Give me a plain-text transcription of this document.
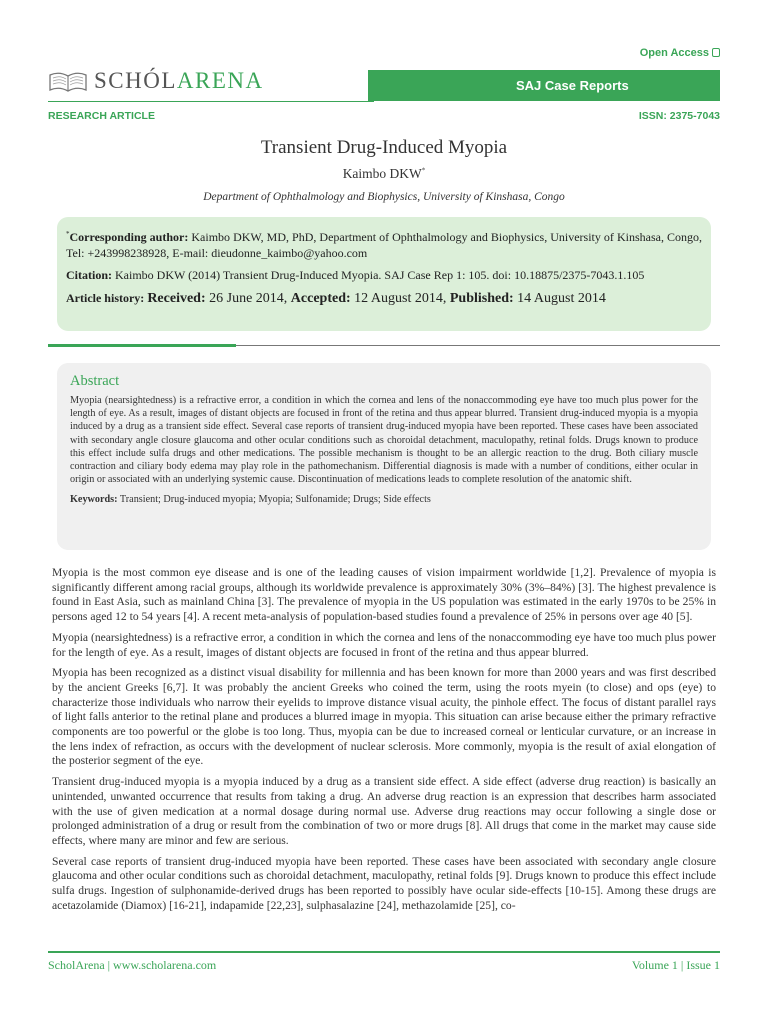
Open Access
SCHÓLARENA	SAJ Case Reports
RESEARCH ARTICLE	ISSN: 2375-7043
Transient Drug-Induced Myopia
Kaimbo DKW*
Department of Ophthalmology and Biophysics, University of Kinshasa, Congo

*Corresponding author: Kaimbo DKW, MD, PhD, Department of Ophthalmology and Biophysics, University of Kinshasa, Congo, Tel: +243998238928, E-mail: dieudonne_kaimbo@yahoo.com

Citation: Kaimbo DKW (2014) Transient Drug-Induced Myopia. SAJ Case Rep 1: 105. doi: 10.18875/2375-7043.1.105

Article history: Received: 26 June 2014, Accepted: 12 August 2014, Published: 14 August 2014

Abstract
Myopia (nearsightedness) is a refractive error, a condition in which the cornea and lens of the nonaccommoding eye have too much plus power for the length of eye. As a result, images of distant objects are focused in front of the retina and thus appear blurred. Transient drug-induced myopia is a myopia induced by a drug as a transient side effect. Several case reports of transient drug-induced myopia have been reported. These cases have been associated with secondary angle closure glaucoma and other ocular conditions such as choroidal detachment, maculopathy, retinal folds. Drugs known to produce this effect include sulfa drugs and other medications. The possible mechanism is thought to be an allergic reaction to the drug. Both ciliary muscle contraction and ciliary body edema may play role in the pathomechanism. Differential diagnosis is made with a number of conditions, either ocular in origin or associated with an underlying systemic cause. Discontinuation of medications leads to complete resolution of the anatomic shift.
Keywords: Transient; Drug-induced myopia; Myopia; Sulfonamide; Drugs; Side effects

Myopia is the most common eye disease and is one of the leading causes of vision impairment worldwide [1,2]. Prevalence of myopia is significantly different among racial groups, although its worldwide prevalence is approximately 30% (3%–84%) [3]. The highest prevalence is found in East Asia, such as mainland China [3]. The prevalence of myopia in the US population was estimated in the early 1970s to be 25% in persons aged 12 to 54 years [4]. A recent meta-analysis of population-based studies found a prevalence of 25% in persons over age 40 [5].

Myopia (nearsightedness) is a refractive error, a condition in which the cornea and lens of the nonaccommoding eye have too much plus power for the length of eye. As a result, images of distant objects are focused in front of the retina and thus appear blurred.

Myopia has been recognized as a distinct visual disability for millennia and has been known for more than 2000 years and was first described by the ancient Greeks [6,7]. It was probably the ancient Greeks who coined the term, using the roots myein (to close) and ops (eye) to characterize those individuals who narrow their eyelids to improve distance visual acuity, the pinhole effect. The focus of distant parallel rays of light falls anterior to the retinal plane and produces a blurred image in myopia. This situation can arise because either the primary refractive components are too powerful or the globe is too long. Thus, myopia can be due to increased corneal or lenticular curvature, or an increase in the lens index of refraction, as occurs with the development of nuclear sclerosis. More commonly, myopia is the result of axial elongation of the posterior segment of the eye.

Transient drug-induced myopia is a myopia induced by a drug as a transient side effect. A side effect (adverse drug reaction) is basically an unintended, unwanted occurrence that results from taking a drug. An adverse drug reaction is an expression that describes harm associated with the use of given medication at a normal dosage during normal use. Adverse drug reactions may occur following a single dose or prolonged administration of a drug or result from the combination of two or more drugs [8]. All drugs that come in the market may cause side effects, where many are minor and few are serious.

Several case reports of transient drug-induced myopia have been reported. These cases have been associated with secondary angle closure glaucoma and other ocular conditions such as choroidal detachment, maculopathy, retinal folds [9]. Drugs known to produce this effect include sulfa drugs. Ingestion of sulphonamide-derived drugs has been reported to possibly have ocular side-effects [10-15]. Among these drugs are acetazolamide (Diamox) [16-21], indapamide [22,23], sulphasalazine [24], methazolamide [25], co-

ScholArena | www.scholarena.com	Volume 1 | Issue 1
